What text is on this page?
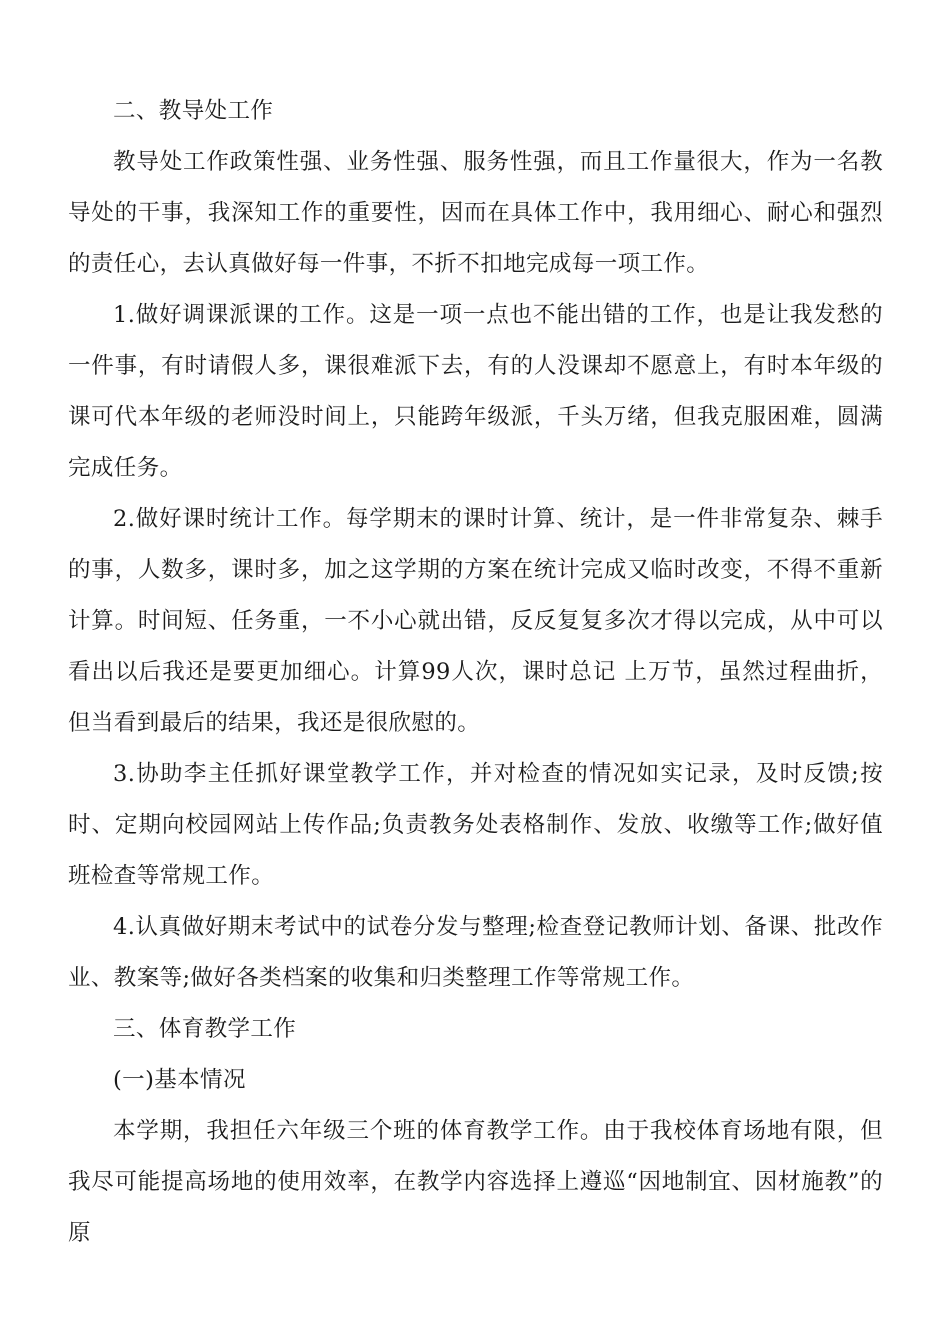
二、教导处工作

教导处工作政策性强、业务性强、服务性强，而且工作量很大，作为一名教导处的干事，我深知工作的重要性，因而在具体工作中，我用细心、耐心和强烈的责任心，去认真做好每一件事，不折不扣地完成每一项工作。

1.做好调课派课的工作。这是一项一点也不能出错的工作，也是让我发愁的一件事，有时请假人多，课很难派下去，有的人没课却不愿意上，有时本年级的课可代本年级的老师没时间上，只能跨年级派，千头万绪，但我克服困难，圆满完成任务。

2.做好课时统计工作。每学期末的课时计算、统计，是一件非常复杂、棘手的事，人数多，课时多，加之这学期的方案在统计完成又临时改变，不得不重新计算。时间短、任务重，一不小心就出错，反反复复多次才得以完成，从中可以看出以后我还是要更加细心。计算99人次，课时总记 上万节，虽然过程曲折，但当看到最后的结果，我还是很欣慰的。

3.协助李主任抓好课堂教学工作，并对检查的情况如实记录，及时反馈;按时、定期向校园网站上传作品;负责教务处表格制作、发放、收缴等工作;做好值班检查等常规工作。

4.认真做好期末考试中的试卷分发与整理;检查登记教师计划、备课、批改作业、教案等;做好各类档案的收集和归类整理工作等常规工作。

三、体育教学工作

(一)基本情况

本学期，我担任六年级三个班的体育教学工作。由于我校体育场地有限，但我尽可能提高场地的使用效率，在教学内容选择上遵巡“因地制宜、因材施教”的原
